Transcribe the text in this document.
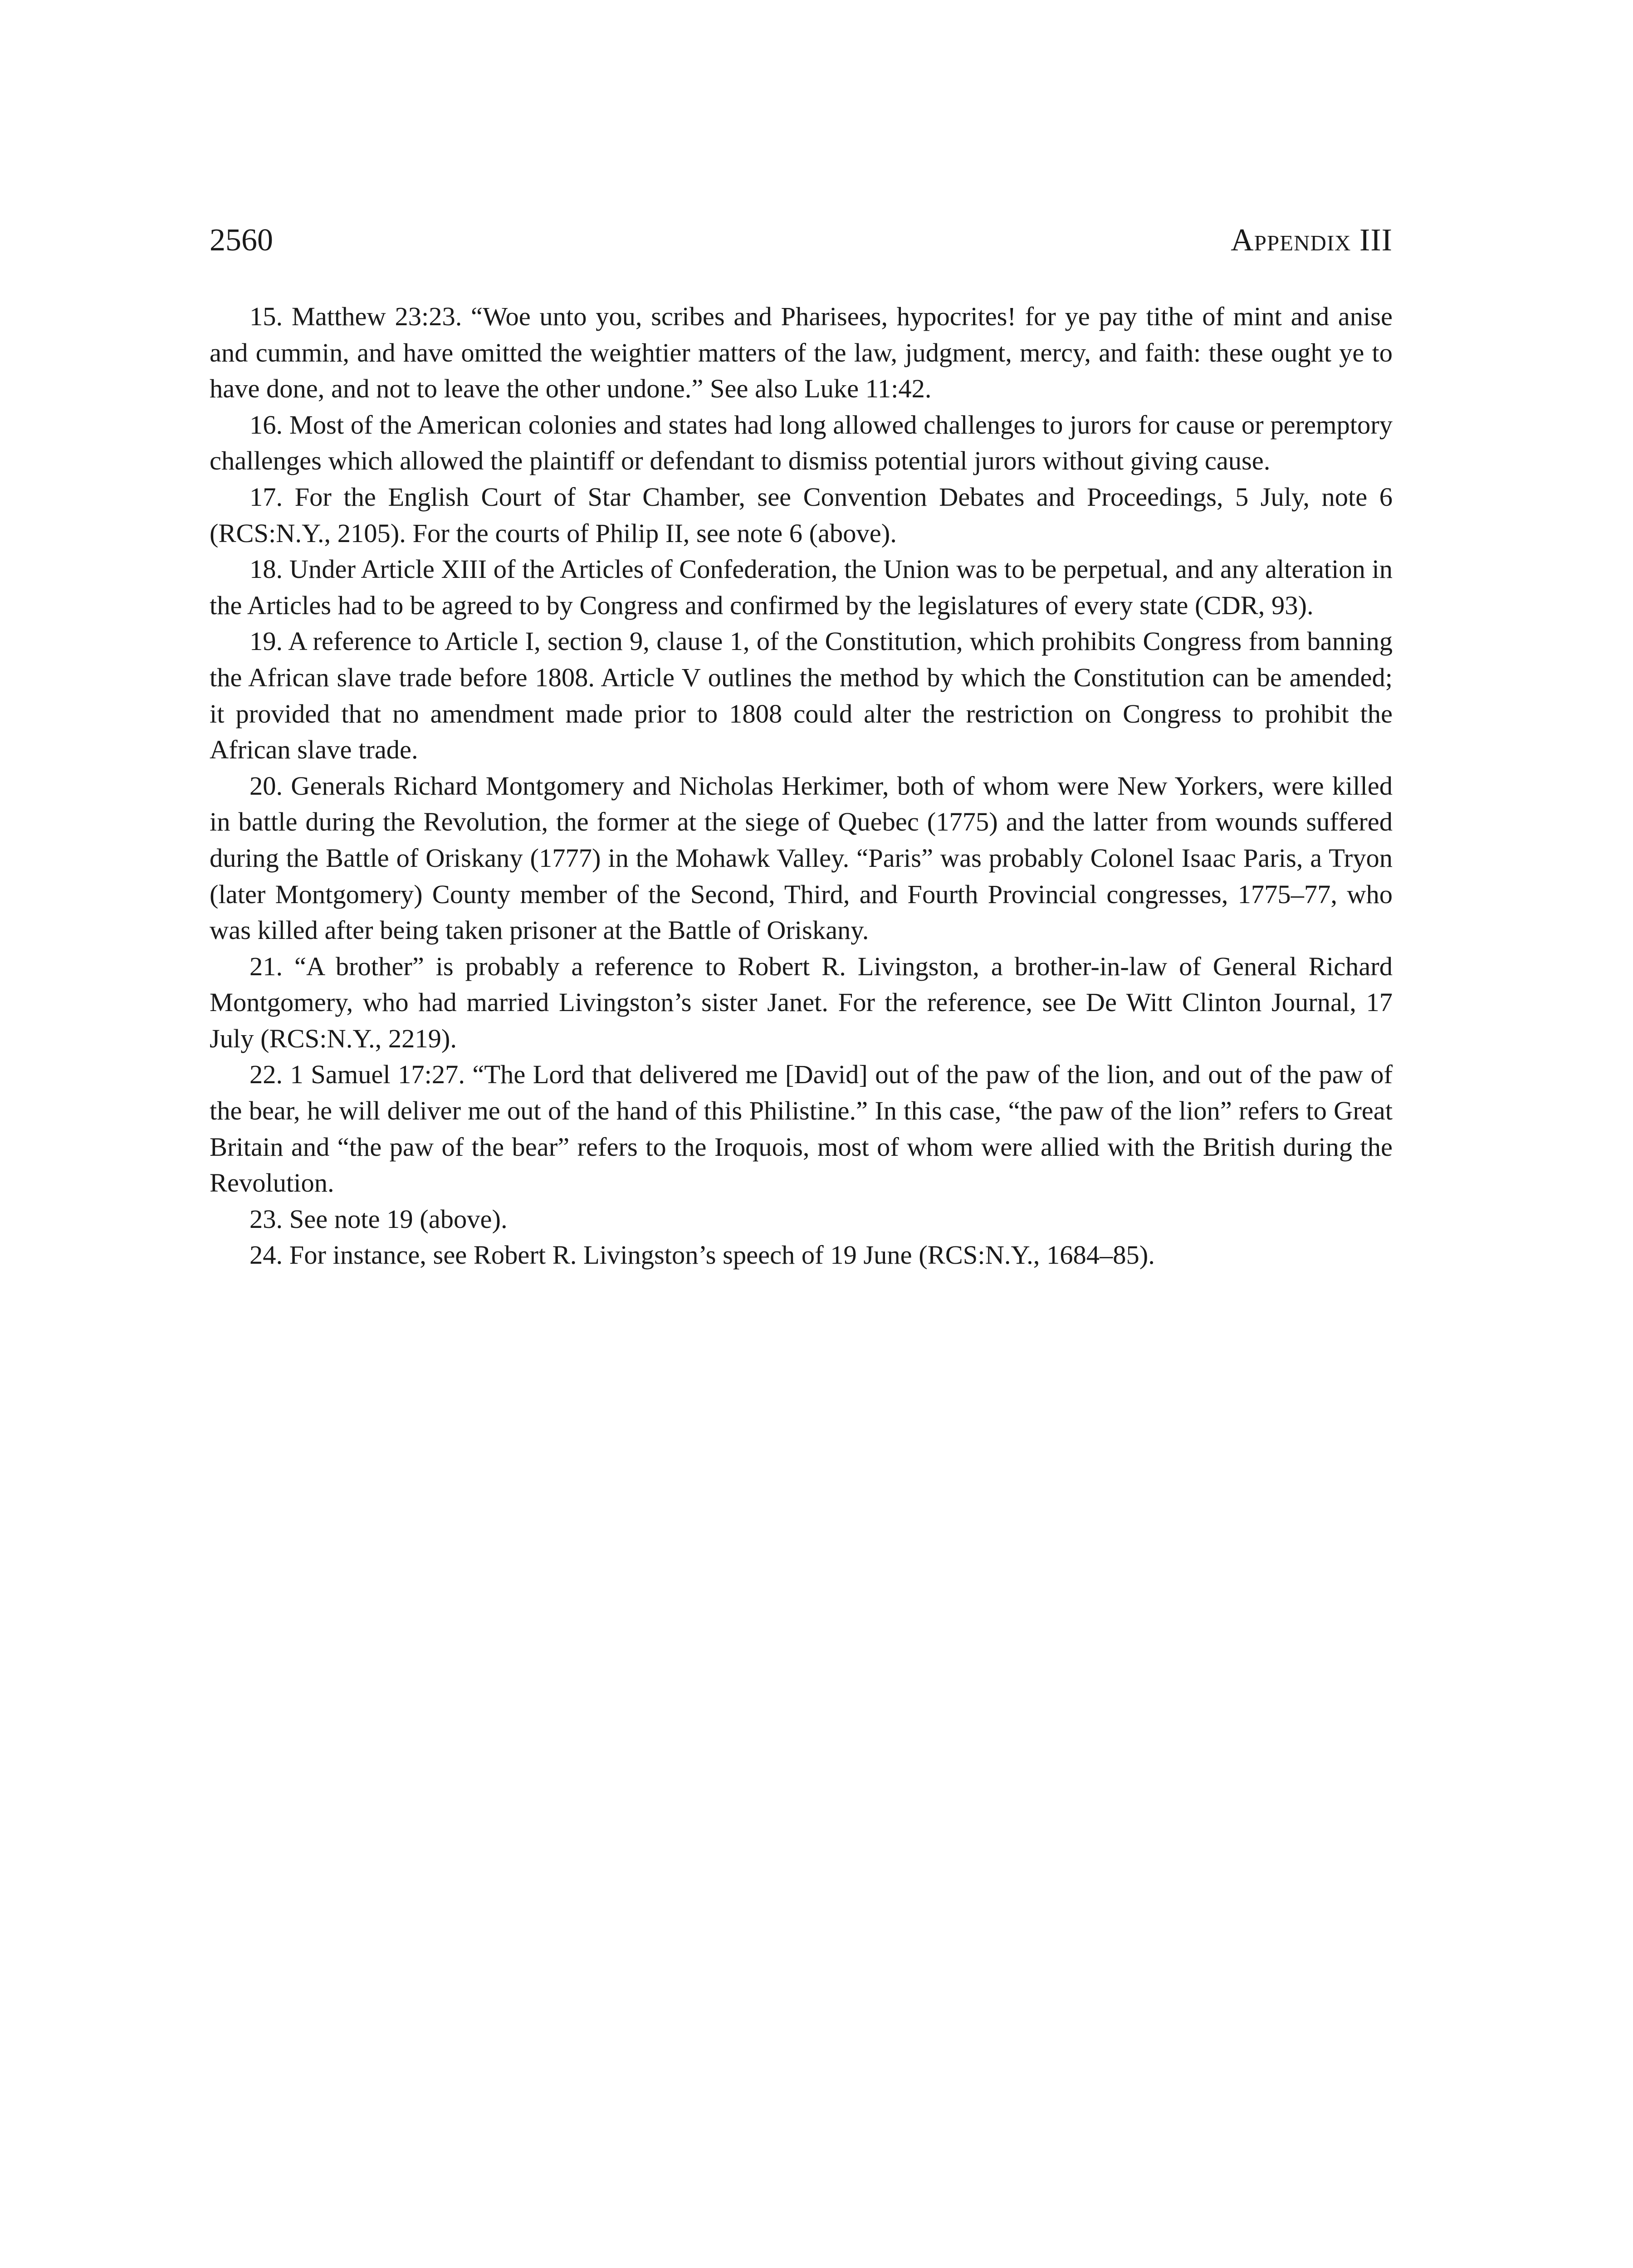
2560	Appendix III

15. Matthew 23:23. “Woe unto you, scribes and Pharisees, hypocrites! for ye pay tithe of mint and anise and cummin, and have omitted the weightier matters of the law, judgment, mercy, and faith: these ought ye to have done, and not to leave the other undone.” See also Luke 11:42.

16. Most of the American colonies and states had long allowed challenges to jurors for cause or peremptory challenges which allowed the plaintiff or defendant to dismiss potential jurors without giving cause.

17. For the English Court of Star Chamber, see Convention Debates and Proceedings, 5 July, note 6 (RCS:N.Y., 2105). For the courts of Philip II, see note 6 (above).

18. Under Article XIII of the Articles of Confederation, the Union was to be perpetual, and any alteration in the Articles had to be agreed to by Congress and confirmed by the legislatures of every state (CDR, 93).

19. A reference to Article I, section 9, clause 1, of the Constitution, which prohibits Congress from banning the African slave trade before 1808. Article V outlines the method by which the Constitution can be amended; it provided that no amendment made prior to 1808 could alter the restriction on Congress to prohibit the African slave trade.

20. Generals Richard Montgomery and Nicholas Herkimer, both of whom were New Yorkers, were killed in battle during the Revolution, the former at the siege of Quebec (1775) and the latter from wounds suffered during the Battle of Oriskany (1777) in the Mohawk Valley. “Paris” was probably Colonel Isaac Paris, a Tryon (later Montgomery) County member of the Second, Third, and Fourth Provincial congresses, 1775–77, who was killed after being taken prisoner at the Battle of Oriskany.

21. “A brother” is probably a reference to Robert R. Livingston, a brother-in-law of General Richard Montgomery, who had married Livingston’s sister Janet. For the reference, see De Witt Clinton Journal, 17 July (RCS:N.Y., 2219).

22. 1 Samuel 17:27. “The Lord that delivered me [David] out of the paw of the lion, and out of the paw of the bear, he will deliver me out of the hand of this Philistine.” In this case, “the paw of the lion” refers to Great Britain and “the paw of the bear” refers to the Iroquois, most of whom were allied with the British during the Revolution.

23. See note 19 (above).

24. For instance, see Robert R. Livingston’s speech of 19 June (RCS:N.Y., 1684–85).
